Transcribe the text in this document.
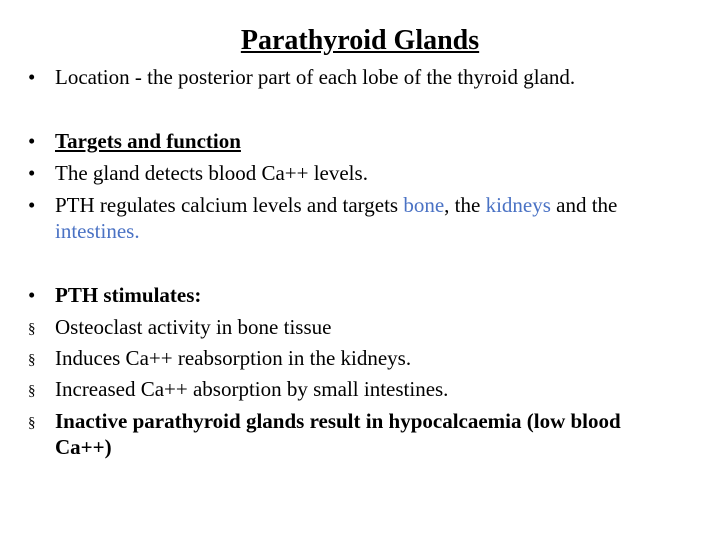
Parathyroid Glands
• Location - the posterior part of each lobe of the thyroid gland.
• Targets and function
• The gland detects blood Ca++ levels.
• PTH regulates calcium levels and targets bone, the kidneys and the intestines.
• PTH stimulates:
§ Osteoclast activity in bone tissue
§ Induces Ca++ reabsorption in the kidneys.
§ Increased Ca++ absorption by small intestines.
§ Inactive parathyroid glands result in hypocalcaemia (low blood Ca++)
